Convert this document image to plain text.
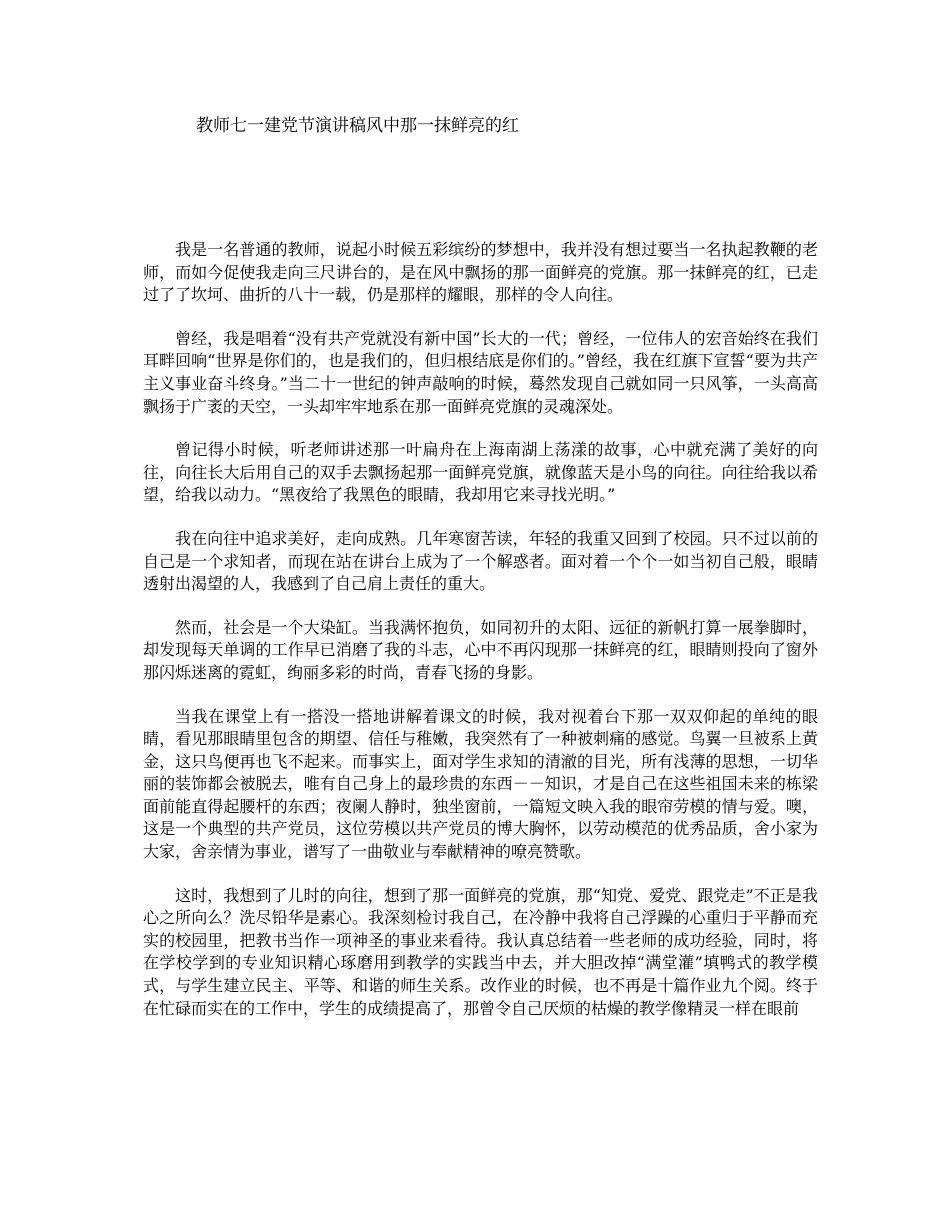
教师七一建党节演讲稿风中那一抹鲜亮的红

我是一名普通的教师，说起小时候五彩缤纷的梦想中，我并没有想过要当一名执起教鞭的老师，而如今促使我走向三尺讲台的，是在风中飘扬的那一面鲜亮的党旗。那一抹鲜亮的红，已走过了了坎坷、曲折的八十一载，仍是那样的耀眼，那样的令人向往。

曾经，我是唱着“没有共产党就没有新中国”长大的一代；曾经，一位伟人的宏音始终在我们耳畔回响“世界是你们的，也是我们的，但归根结底是你们的。”曾经，我在红旗下宣誓“要为共产主义事业奋斗终身。”当二十一世纪的钟声敲响的时候，蓦然发现自己就如同一只风筝，一头高高飘扬于广袤的天空，一头却牢牢地系在那一面鲜亮党旗的灵魂深处。

曾记得小时候，听老师讲述那一叶扁舟在上海南湖上荡漾的故事，心中就充满了美好的向往，向往长大后用自己的双手去飘扬起那一面鲜亮党旗，就像蓝天是小鸟的向往。向往给我以希望，给我以动力。“黑夜给了我黑色的眼睛，我却用它来寻找光明。”

我在向往中追求美好，走向成熟。几年寒窗苦读，年轻的我重又回到了校园。只不过以前的自己是一个求知者，而现在站在讲台上成为了一个解惑者。面对着一个个一如当初自己般，眼睛透射出渴望的人，我感到了自己肩上责任的重大。

然而，社会是一个大染缸。当我满怀抱负，如同初升的太阳、远征的新帆打算一展拳脚时，却发现每天单调的工作早已消磨了我的斗志，心中不再闪现那一抹鲜亮的红，眼睛则投向了窗外那闪烁迷离的霓虹，绚丽多彩的时尚，青春飞扬的身影。

当我在课堂上有一搭没一搭地讲解着课文的时候，我对视着台下那一双双仰起的单纯的眼睛，看见那眼睛里包含的期望、信任与稚嫩，我突然有了一种被刺痛的感觉。鸟翼一旦被系上黄金，这只鸟便再也飞不起来。而事实上，面对学生求知的清澈的目光，所有浅薄的思想，一切华丽的装饰都会被脱去，唯有自己身上的最珍贵的东西－－知识，才是自己在这些祖国未来的栋梁面前能直得起腰杆的东西；夜阑人静时，独坐窗前，一篇短文映入我的眼帘劳模的情与爱。噢，这是一个典型的共产党员，这位劳模以共产党员的博大胸怀，以劳动模范的优秀品质，舍小家为大家，舍亲情为事业，谱写了一曲敬业与奉献精神的嘹亮赞歌。

这时，我想到了儿时的向往，想到了那一面鲜亮的党旗，那“知党、爱党、跟党走”不正是我心之所向么？洗尽铅华是素心。我深刻检讨我自己，在冷静中我将自己浮躁的心重归于平静而充实的校园里，把教书当作一项神圣的事业来看待。我认真总结着一些老师的成功经验，同时，将在学校学到的专业知识精心琢磨用到教学的实践当中去，并大胆改掉“满堂灌”填鸭式的教学模式，与学生建立民主、平等、和谐的师生关系。改作业的时候，也不再是十篇作业九个阅。终于在忙碌而实在的工作中，学生的成绩提高了，那曾令自己厌烦的枯燥的教学像精灵一样在眼前
